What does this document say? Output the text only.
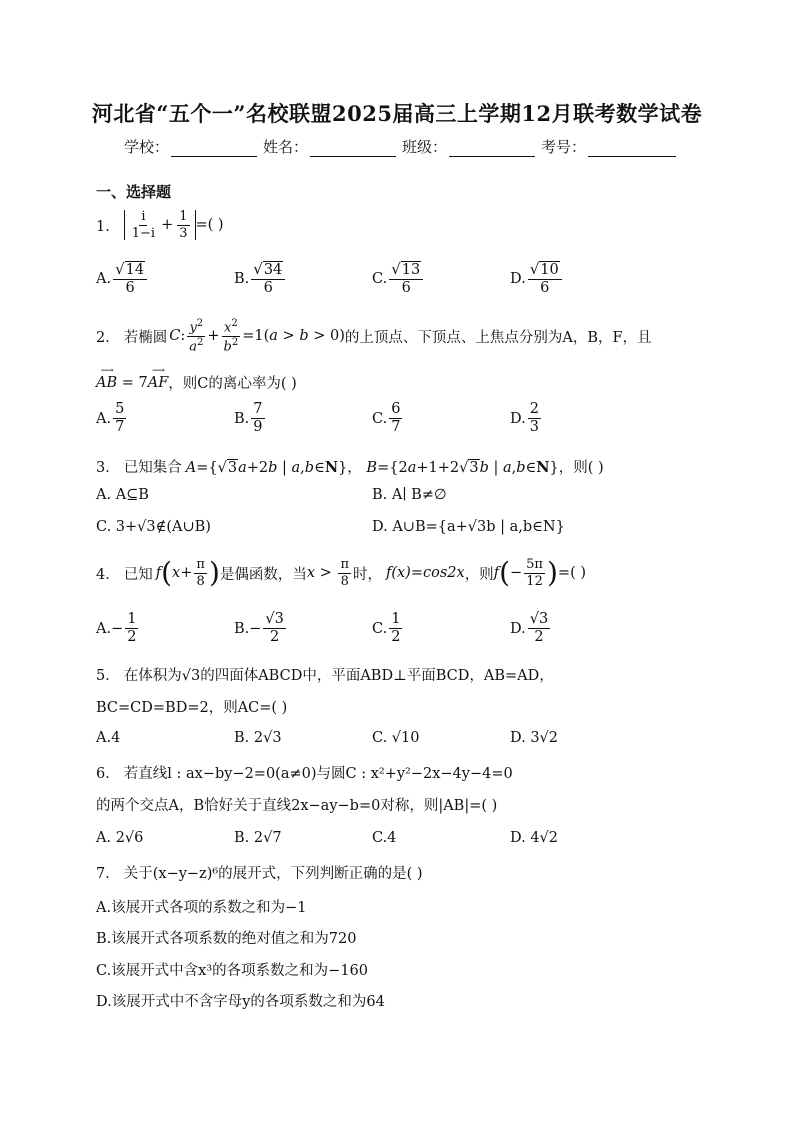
河北省“五个一”名校联盟2025届高三上学期12月联考数学试卷
学校：	姓名：	班级：	考号：
一、选择题
1． $\frac{i}{1-i} + \frac{1}{3}$ =( )
A. $\frac{√14}{6}$	B. $\frac{√34}{6}$	C. $\frac{√13}{6}$	D. $\frac{√10}{6}$
2． 若椭圆 C : $\frac{y^2}{a^2} + \frac{x^2}{b^2} =1(a > b > 0)$ 的上顶点、下顶点、上焦点分别为A，B，F，且
AB
⟶
= 7 AF
⟶
，则C的离心率为( )
A. $\frac{5}{7}$	B. $\frac{7}{9}$	C. $\frac{6}{7}$	D. $\frac{2}{3}$
3． 已知集合 A={√3a+2b | a,b∈N}， B={2a+1+2√3b | a,b∈N} ，则( )
A. A⊆B	B. A∣ B≠∅
C. 3+√3∉(A∪B)	D. A∪B={a+√3b | a,b∈N}
4． 已知 f ( $x + \frac{\pi}{8}$ ) 是偶函数，当 $x > \frac{\pi}{8}$ 时， f(x)=cos2x ，则 f ( − $\frac{5\pi}{12}$ ) =( )
A. − $\frac{1}{2}$	B. − $\frac{√3}{2}$	C. $\frac{1}{2}$	D. $\frac{√3}{2}$
5． 在体积为√3的四面体ABCD中，平面ABD⊥平面BCD，AB=AD，
BC=CD=BD=2，则AC=( )
A.4	B. 2√3	C. √10	D. 3√2
6． 若直线l : ax−by−2=0(a≠0)与圆C : x²+y²−2x−4y−4=0
的两个交点A，B恰好关于直线2x−ay−b=0对称，则|AB|=( )
A. 2√6	B. 2√7	C.4	D. 4√2
7． 关于(x−y−z)⁶的展开式，下列判断正确的是( )
A.该展开式各项的系数之和为−1
B.该展开式各项系数的绝对值之和为720
C.该展开式中含x³的各项系数之和为−160
D.该展开式中不含字母y的各项系数之和为64
